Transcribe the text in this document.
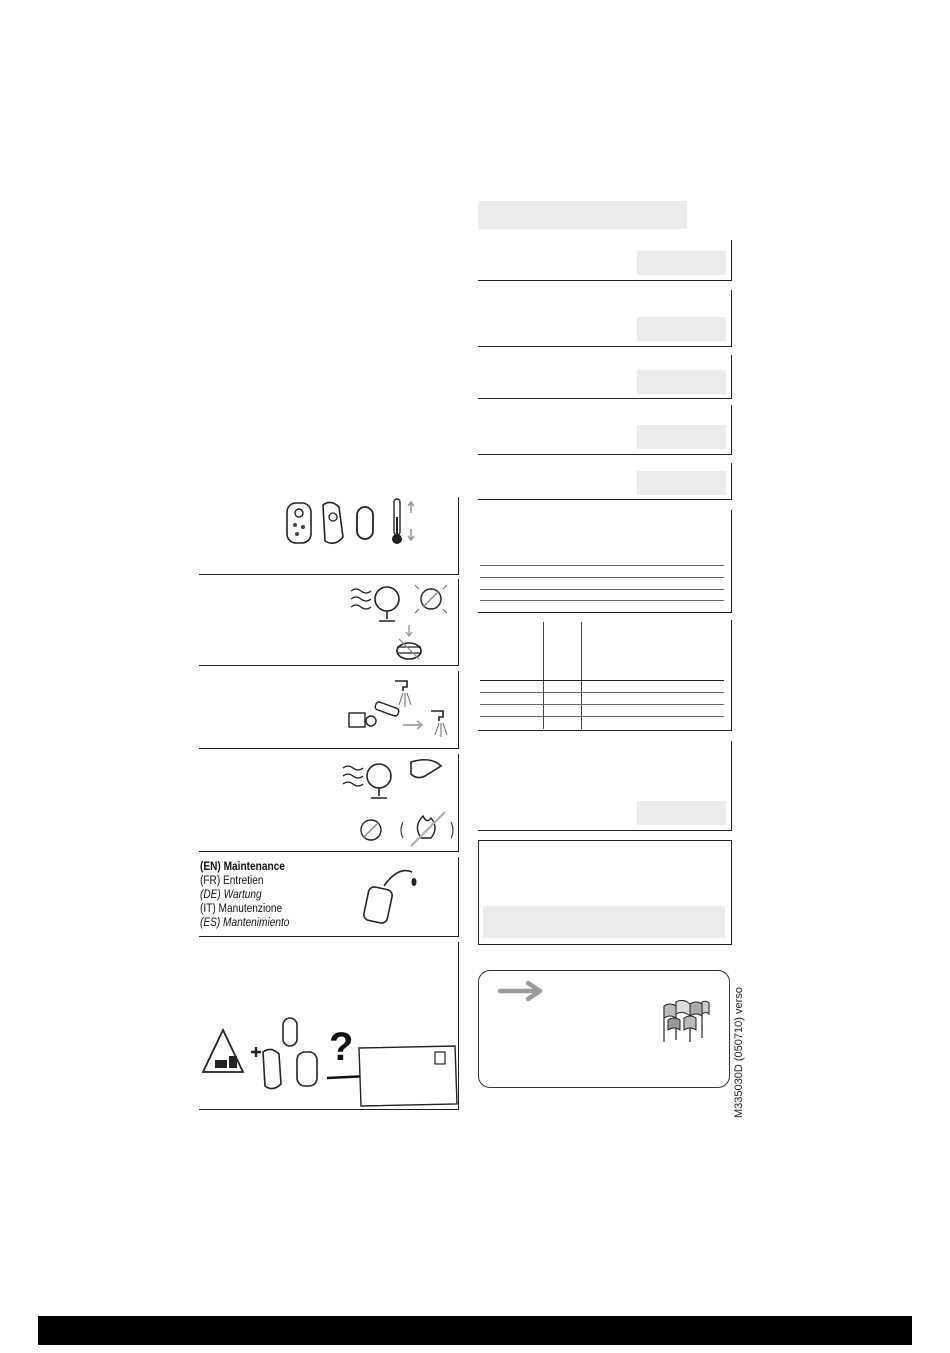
(EN) Maintenance
(FR) Entretien
(DE) Wartung
(IT) Manutenzione
(ES) Mantenimiento
?	M335030D (050710) verso
